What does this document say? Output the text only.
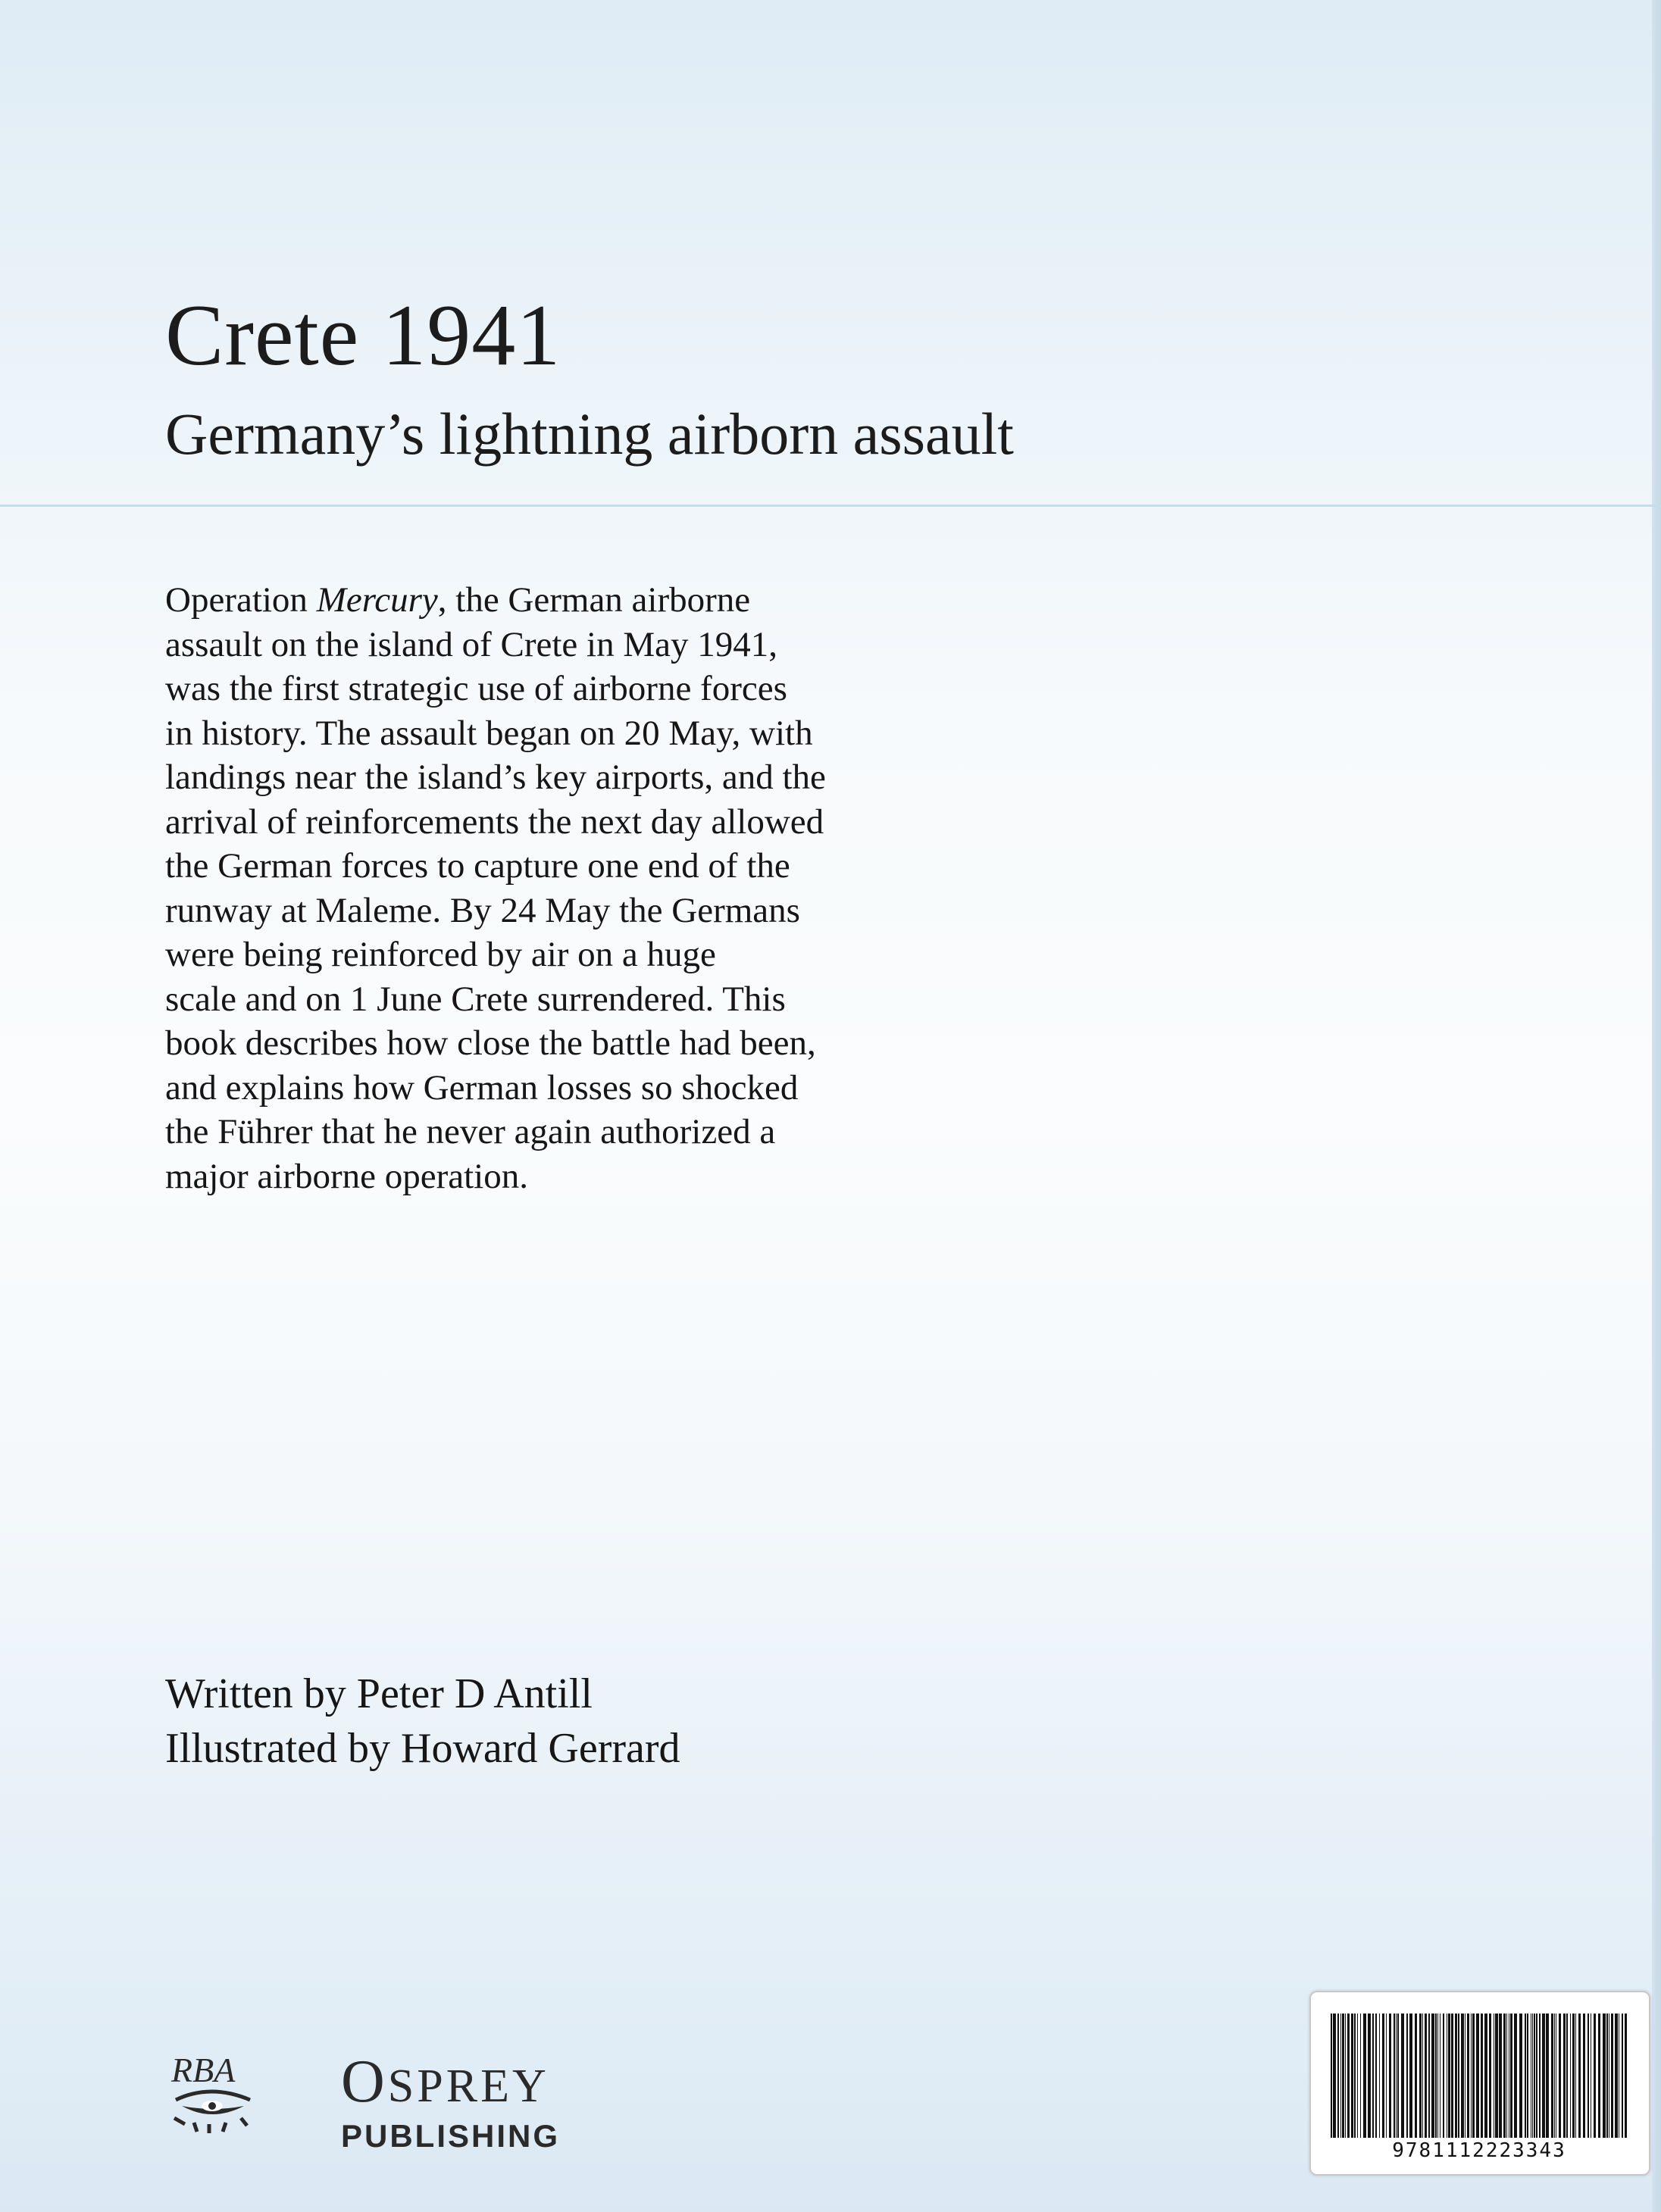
Crete 1941
Germany’s lightning airborn assault
Operation Mercury, the German airborne
assault on the island of Crete in May 1941,
was the first strategic use of airborne forces
in history. The assault began on 20 May, with
landings near the island’s key airports, and the
arrival of reinforcements the next day allowed
the German forces to capture one end of the
runway at Maleme. By 24 May the Germans
were being reinforced by air on a huge
scale and on 1 June Crete surrendered. This
book describes how close the battle had been,
and explains how German losses so shocked
the Führer that he never again authorized a
major airborne operation.
Written by Peter D Antill
Illustrated by Howard Gerrard
RBA OSPREY
PUBLISHING	9781112223343
